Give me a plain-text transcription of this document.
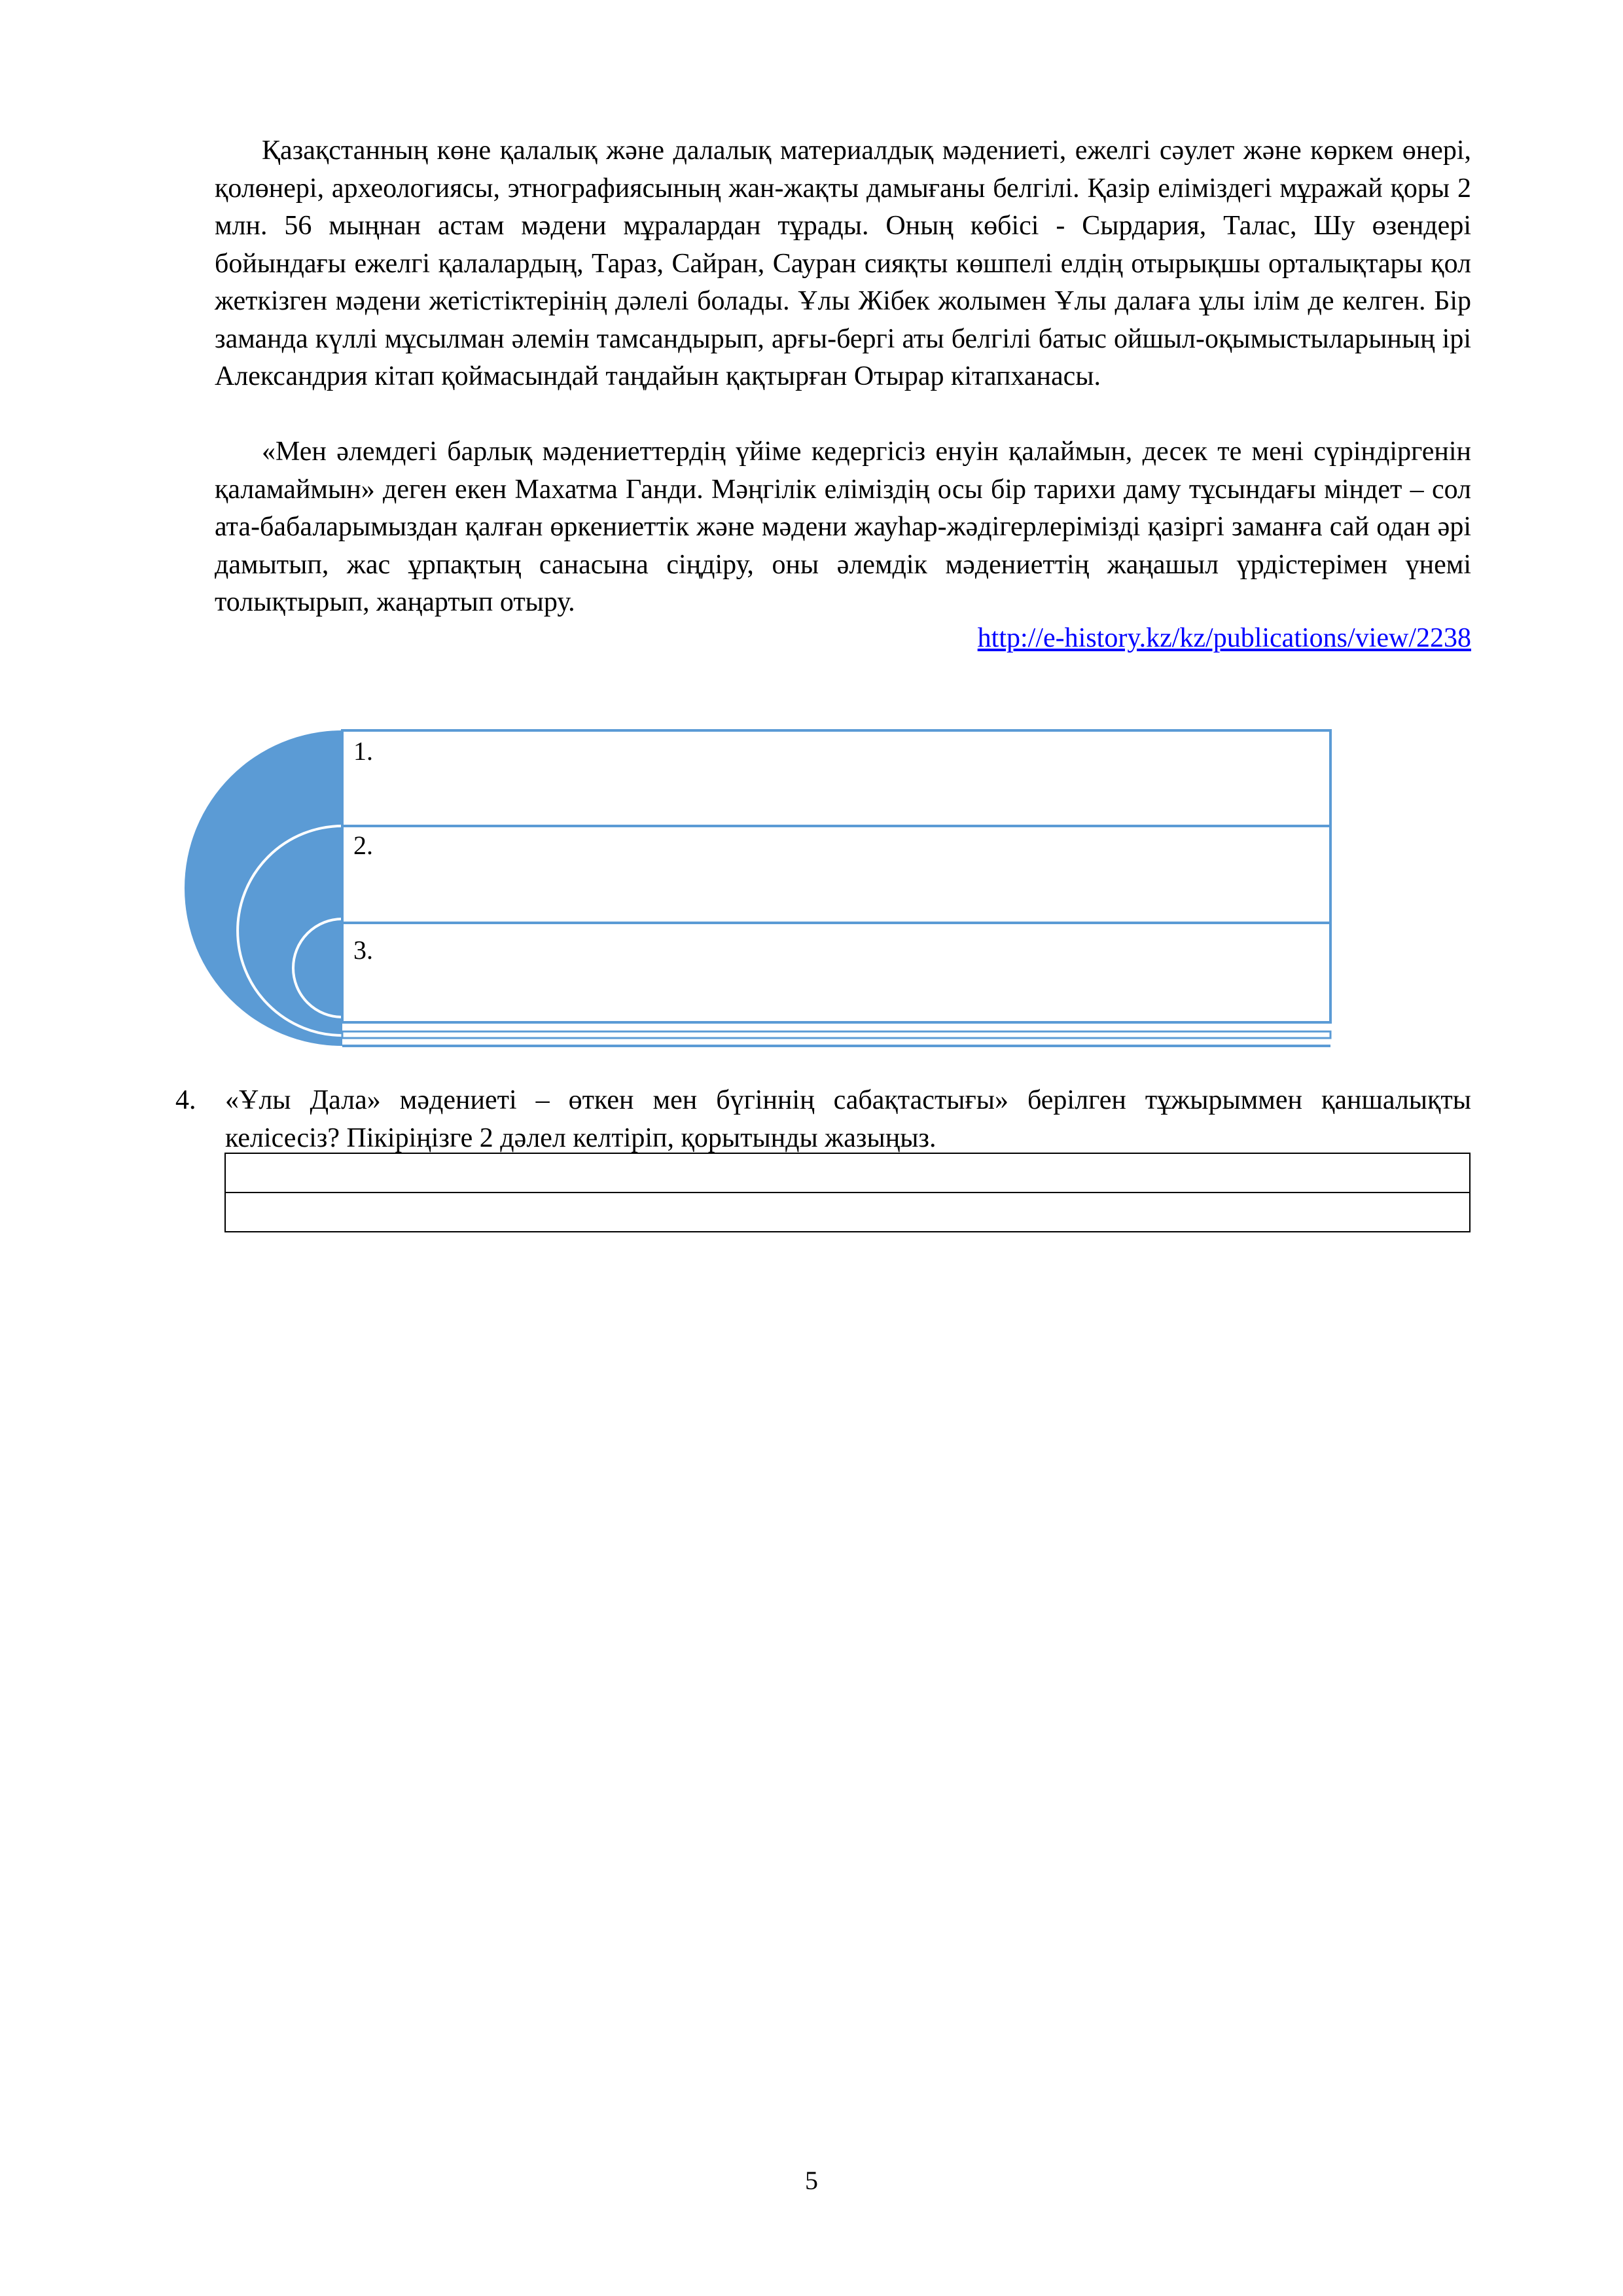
Қазақстанның көне қалалық және далалық материалдық мәдениеті, ежелгі сәулет және көркем өнері, қолөнері, археологиясы, этнографиясының жан-жақты дамығаны белгілі. Қазір еліміздегі мұражай қоры 2 млн. 56 мыңнан астам мәдени мұралардан тұрады. Оның көбісі - Сырдария, Талас, Шу өзендері бойындағы ежелгі қалалардың, Тараз, Сайран, Сауран сияқты көшпелі елдің отырықшы орталықтары қол жеткізген мәдени жетістіктерінің дәлелі болады. Ұлы Жібек жолымен Ұлы далаға ұлы ілім де келген. Бір заманда күллі мұсылман әлемін тамсандырып, арғы-бергі аты белгілі батыс ойшыл-оқымыстыларының ірі Александрия кітап қоймасындай таңдайын қақтырған Отырар кітапханасы.

«Мен әлемдегі барлық мәдениеттердің үйіме кедергісіз енуін қалаймын, десек те мені сүріндіргенін қаламаймын» деген екен Махатма Ганди. Мәңгілік еліміздің осы бір тарихи даму тұсындағы міндет – сол ата-бабаларымыздан қалған өркениеттік және мәдени жауһар-жәдігерлерімізді қазіргі заманға сай одан әрі дамытып, жас ұрпақтың санасына сіңдіру, оны әлемдік мәдениеттің жаңашыл үрдістерімен үнемі толықтырып, жаңартып отыру.

http://e-history.kz/kz/publications/view/2238
1.
2.
3.
4. «Ұлы Дала» мәдениеті – өткен мен бүгіннің сабақтастығы» берілген тұжырыммен қаншалықты келісесіз? Пікіріңізге 2 дәлел келтіріп, қорытынды жазыңыз.

5
